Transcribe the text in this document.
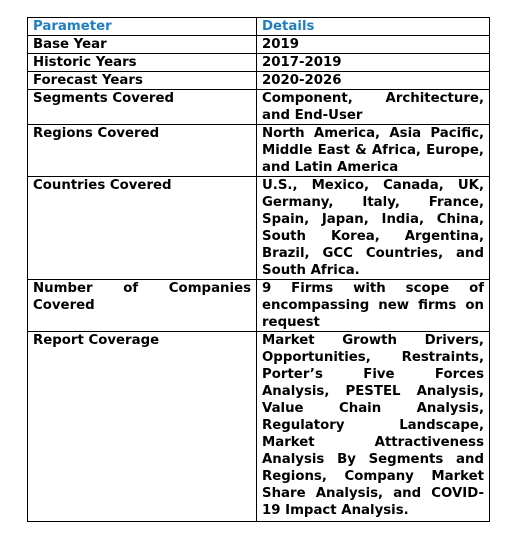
Parameter	Details
Base Year	2019
Historic Years	2017-2019
Forecast Years	2020-2026
Segments Covered	Component, Architecture, and End-User
Regions Covered	North America, Asia Pacific, Middle East & Africa, Europe, and Latin America
Countries Covered	U.S., Mexico, Canada, UK, Germany, Italy, France, Spain, Japan, India, China, South Korea, Argentina, Brazil, GCC Countries, and South Africa.
Number of Companies Covered	9 Firms with scope of encompassing new firms on request
Report Coverage	Market Growth Drivers, Opportunities, Restraints, Porter’s Five Forces Analysis, PESTEL Analysis, Value Chain Analysis, Regulatory Landscape, Market Attractiveness Analysis By Segments and Regions, Company Market Share Analysis, and COVID-19 Impact Analysis.
